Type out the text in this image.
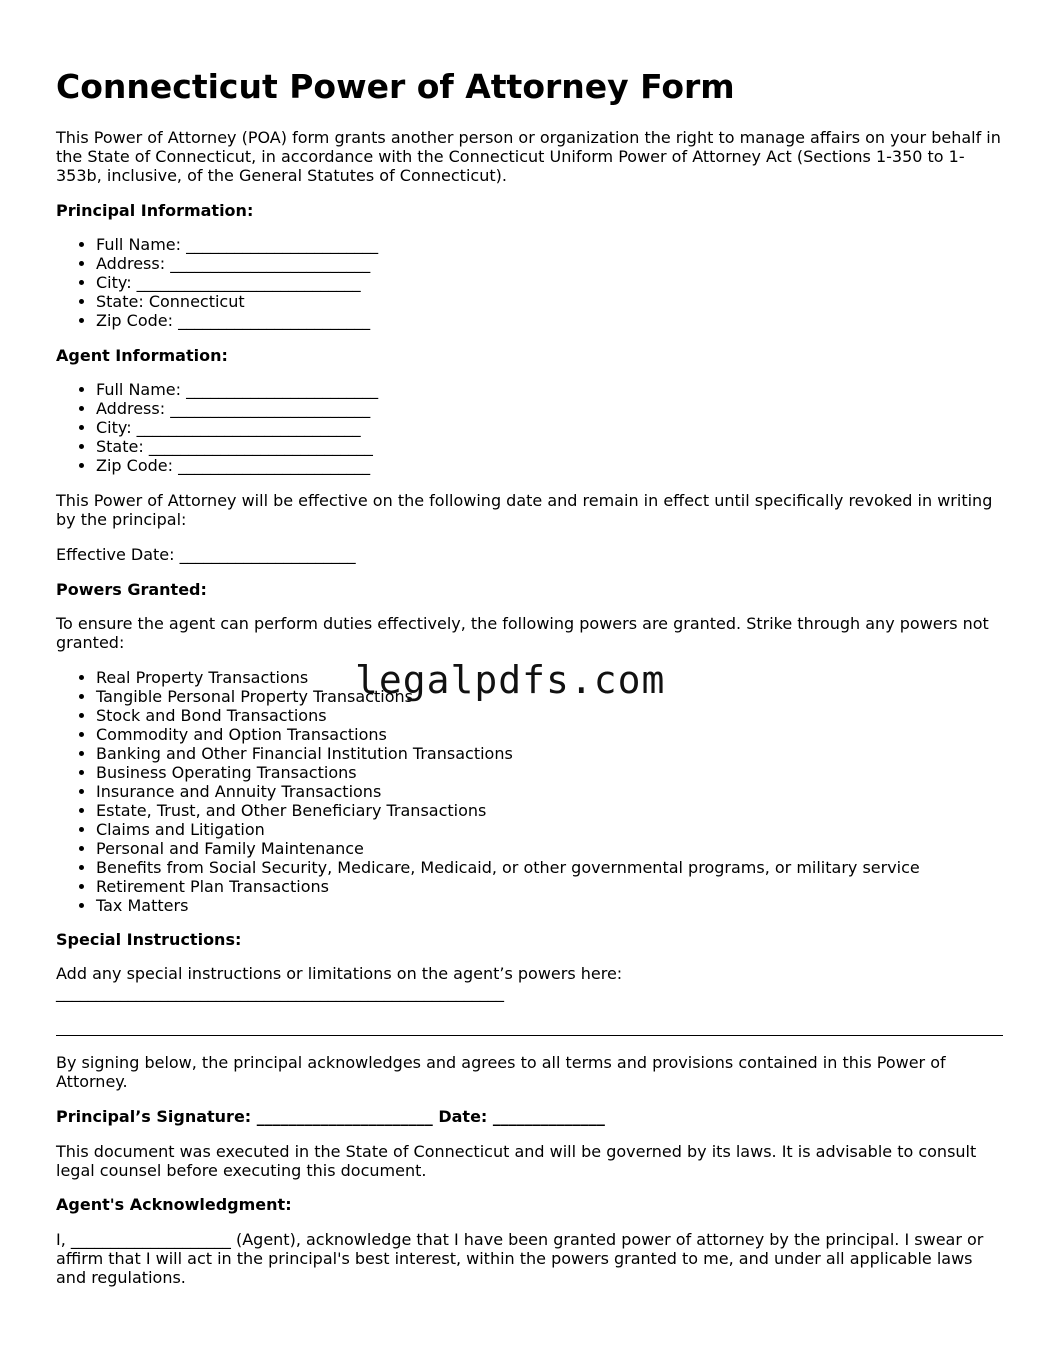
Connecticut Power of Attorney Form

This Power of Attorney (POA) form grants another person or organization the right to manage affairs on your behalf in the State of Connecticut, in accordance with the Connecticut Uniform Power of Attorney Act (Sections 1-350 to 1-353b, inclusive, of the General Statutes of Connecticut).

Principal Information:

• Full Name: ________________________
• Address: _________________________
• City: ____________________________
• State: Connecticut
• Zip Code: ________________________

Agent Information:

• Full Name: ________________________
• Address: _________________________
• City: ____________________________
• State: ____________________________
• Zip Code: ________________________

This Power of Attorney will be effective on the following date and remain in effect until specifically revoked in writing by the principal:

Effective Date: ______________________

Powers Granted:

To ensure the agent can perform duties effectively, the following powers are granted. Strike through any powers not granted:

• Real Property Transactions
• Tangible Personal Property Transactions
• Stock and Bond Transactions
• Commodity and Option Transactions
• Banking and Other Financial Institution Transactions
• Business Operating Transactions
• Insurance and Annuity Transactions
• Estate, Trust, and Other Beneficiary Transactions
• Claims and Litigation
• Personal and Family Maintenance
• Benefits from Social Security, Medicare, Medicaid, or other governmental programs, or military service
• Retirement Plan Transactions
• Tax Matters

Special Instructions:

Add any special instructions or limitations on the agent’s powers here:

________________________________________________________

By signing below, the principal acknowledges and agrees to all terms and provisions contained in this Power of Attorney.

Principal’s Signature: ______________________ Date: ______________

This document was executed in the State of Connecticut and will be governed by its laws. It is advisable to consult legal counsel before executing this document.

Agent's Acknowledgment:

I, ____________________ (Agent), acknowledge that I have been granted power of attorney by the principal. I swear or affirm that I will act in the principal's best interest, within the powers granted to me, and under all applicable laws and regulations.

legalpdfs.com
